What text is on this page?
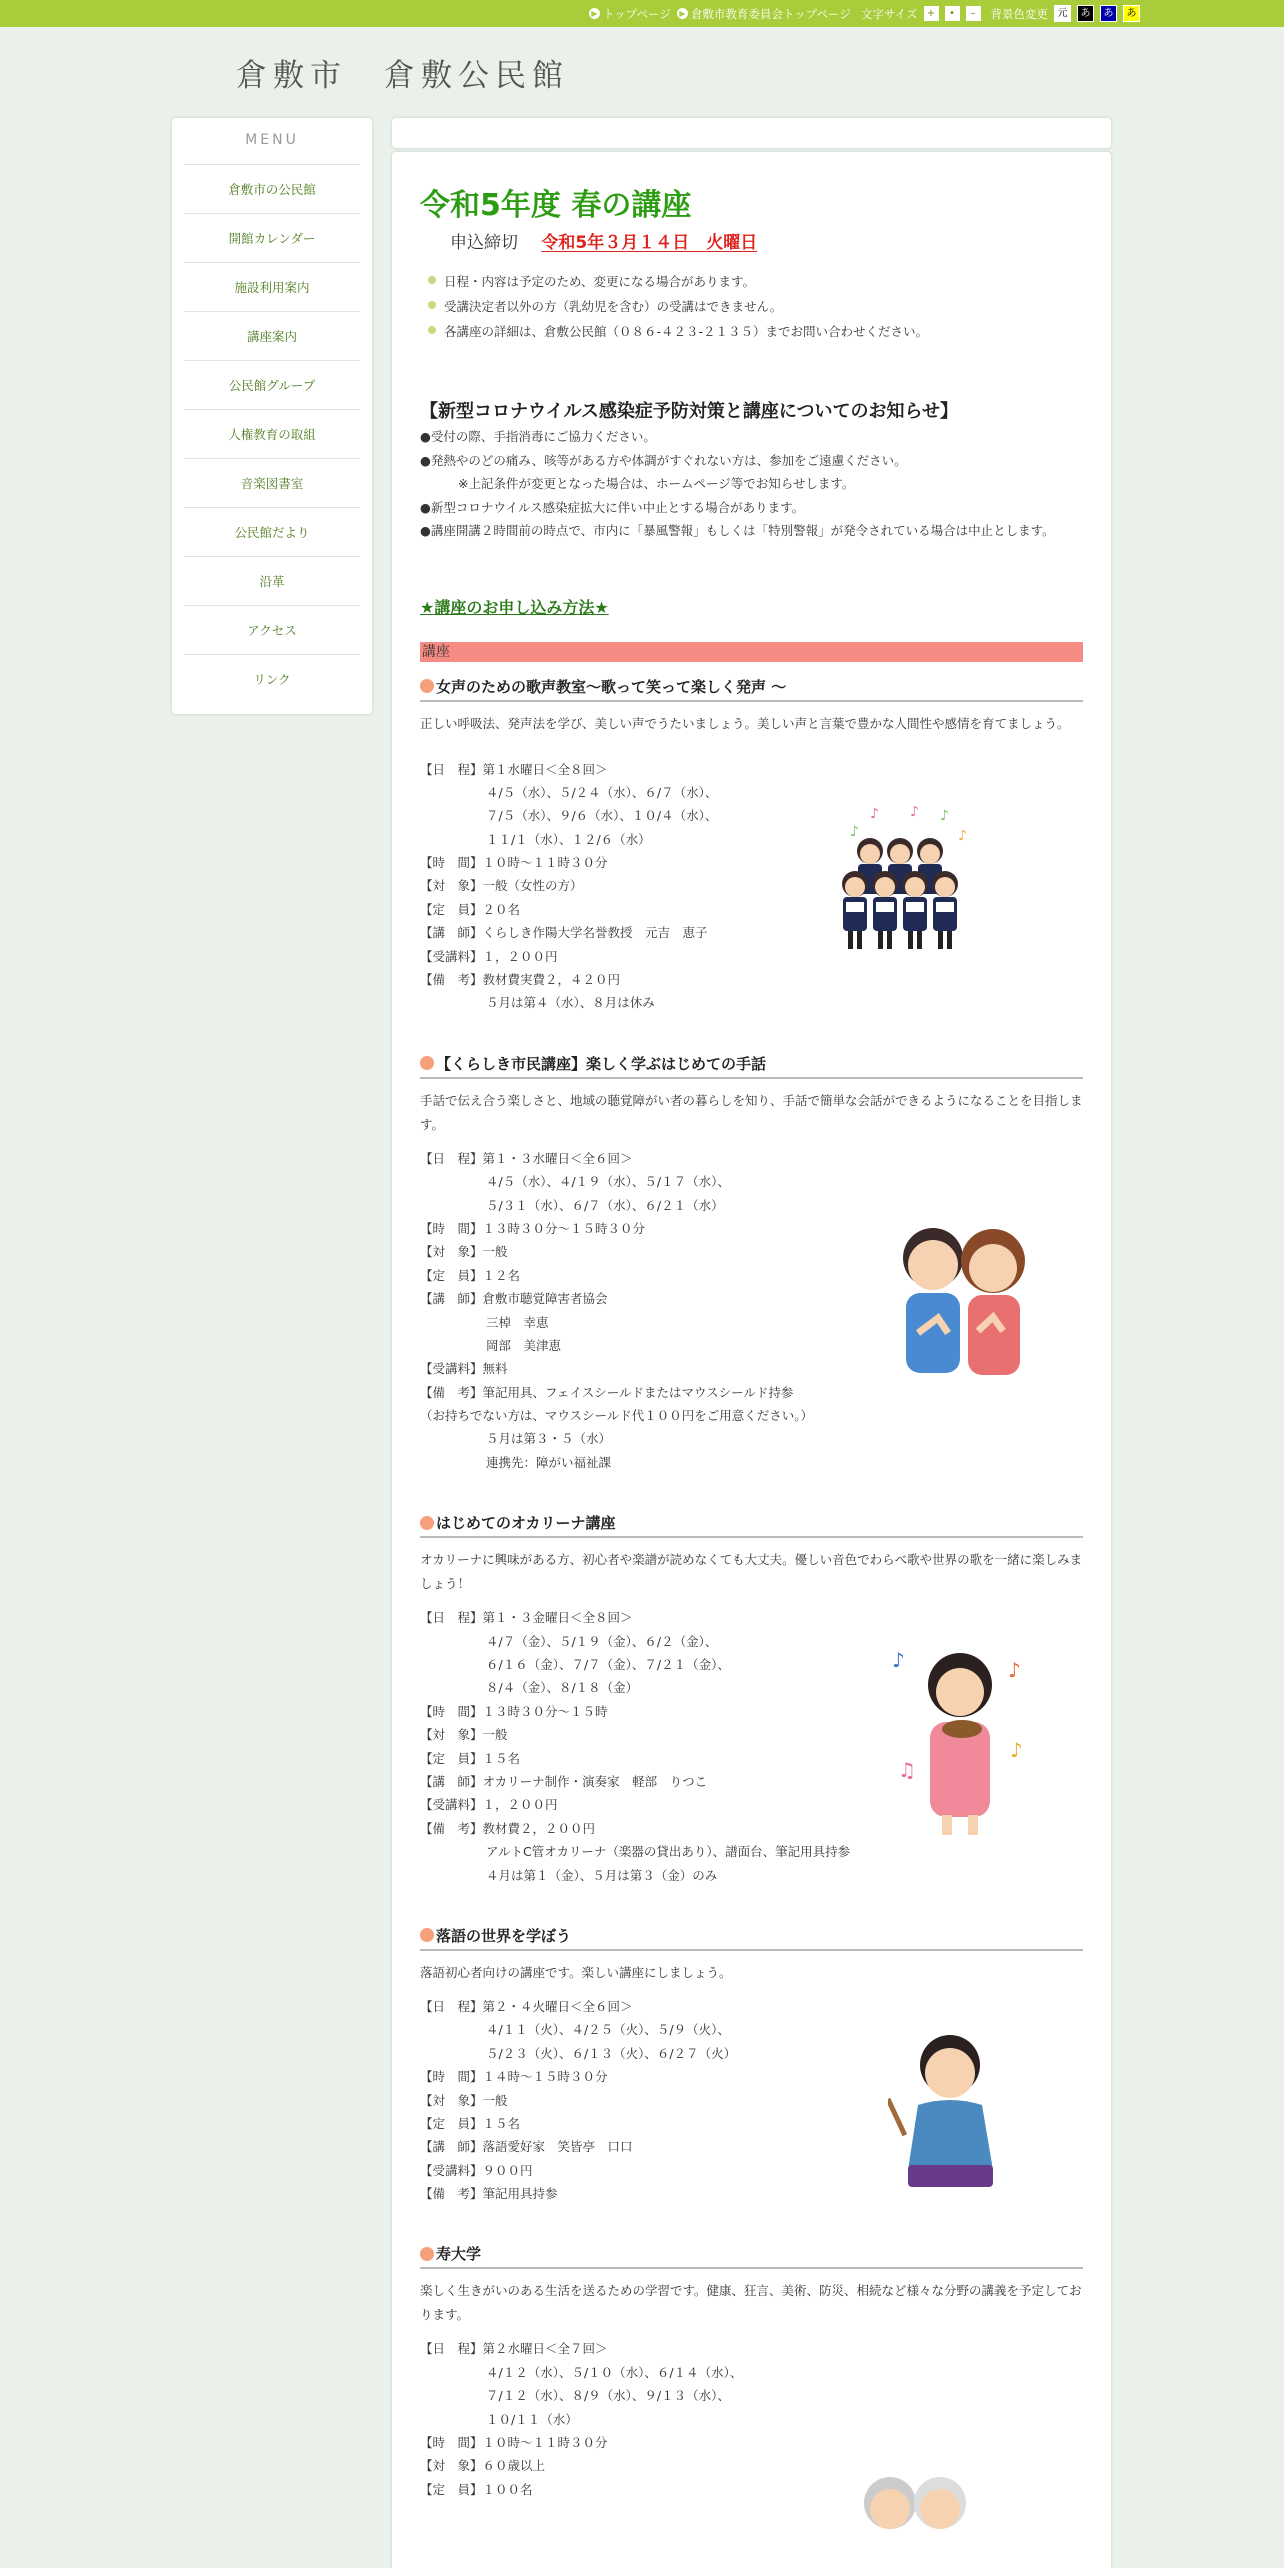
▶ トップページ	▶ 倉敷市教育委員会トップページ 文字サイズ +	•	–	背景色変更 元	あ	あ	あ
倉敷市　倉敷公民館
MENU
倉敷市の公民館
開館カレンダー
施設利用案内
講座案内
公民館グループ
人権教育の取組
音楽図書室
公民館だより
沿革
アクセス
リンク
令和5年度 春の講座
申込締切 令和5年３月１４日　火曜日
日程・内容は予定のため、変更になる場合があります。
受講決定者以外の方（乳幼児を含む）の受講はできません。
各講座の詳細は、倉敷公民館（０８６-４２３-２１３５）までお問い合わせください。
【新型コロナウイルス感染症予防対策と講座についてのお知らせ】
●受付の際、手指消毒にご協力ください。
●発熱やのどの痛み、咳等がある方や体調がすぐれない方は、参加をご遠慮ください。
※上記条件が変更となった場合は、ホームページ等でお知らせします。
●新型コロナウイルス感染症拡大に伴い中止とする場合があります。
●講座開講２時間前の時点で、市内に「暴風警報」もしくは「特別警報」が発令されている場合は中止とします。
★講座のお申し込み方法★
講座
女声のための歌声教室～歌って笑って楽しく発声 ～
正しい呼吸法、発声法を学び、美しい声でうたいましょう。美しい声と言葉で豊かな人間性や感情を育てましょう。
【日　程】第１水曜日＜全８回＞
４/５（水）、５/２４（水）、６/７（水）、
７/５（水）、９/６（水）、１０/４（水）、
１１/１（水）、１２/６（水）
【時　間】１０時～１１時３０分
【対　象】一般（女性の方）
【定　員】２０名
【講　師】くらしき作陽大学名誉教授　元吉　恵子
【受講料】１，２００円
【備　考】教材費実費２，４２０円
５月は第４（水）、８月は休み
♪
♪ ♪ ♪
♪
【くらしき市民講座】楽しく学ぶはじめての手話
手話で伝え合う楽しさと、地域の聴覚障がい者の暮らしを知り、手話で簡単な会話ができるようになることを目指します。
【日　程】第１・３水曜日＜全６回＞
４/５（水）、４/１９（水）、５/１７（水）、
５/３１（水）、６/７（水）、６/２１（水）
【時　間】１３時３０分～１５時３０分
【対　象】一般
【定　員】１２名
【講　師】倉敷市聴覚障害者協会
三棹　幸恵
岡部　美津恵
【受講料】無料
【備　考】筆記用具、フェイスシールドまたはマウスシールド持参
（お持ちでない方は、マウスシールド代１００円をご用意ください。）
５月は第３・５（水）
連携先：障がい福祉課
はじめてのオカリーナ講座
オカリーナに興味がある方、初心者や楽譜が読めなくても大丈夫。優しい音色でわらべ歌や世界の歌を一緒に楽しみましょう！
【日　程】第１・３金曜日＜全８回＞
４/７（金）、５/１９（金）、６/２（金）、
６/１６（金）、７/７（金）、７/２１（金）、
８/４（金）、８/１８（金）
【時　間】１３時３０分～１５時
【対　象】一般
【定　員】１５名
【講　師】オカリーナ制作・演奏家　軽部　りつこ
【受講料】１，２００円
【備　考】教材費２，２００円
アルトC管オカリーナ（楽器の貸出あり）、譜面台、筆記用具持参
４月は第１（金）、５月は第３（金）のみ
♪	♪
♪
♫
落語の世界を学ぼう
落語初心者向けの講座です。楽しい講座にしましょう。
【日　程】第２・４火曜日＜全６回＞
４/１１（火）、４/２５（火）、５/９（火）、
５/２３（火）、６/１３（火）、６/２７（火）
【時　間】１４時～１５時３０分
【対　象】一般
【定　員】１５名
【講　師】落語愛好家　笑皆亭　口口
【受講料】９００円
【備　考】筆記用具持参
寿大学
楽しく生きがいのある生活を送るための学習です。健康、狂言、美術、防災、相続など様々な分野の講義を予定しております。
【日　程】第２水曜日＜全７回＞
４/１２（水）、５/１０（水）、６/１４（水）、
７/１２（水）、８/９（水）、９/１３（水）、
１０/１１（水）
【時　間】１０時～１１時３０分
【対　象】６０歳以上
【定　員】１００名
